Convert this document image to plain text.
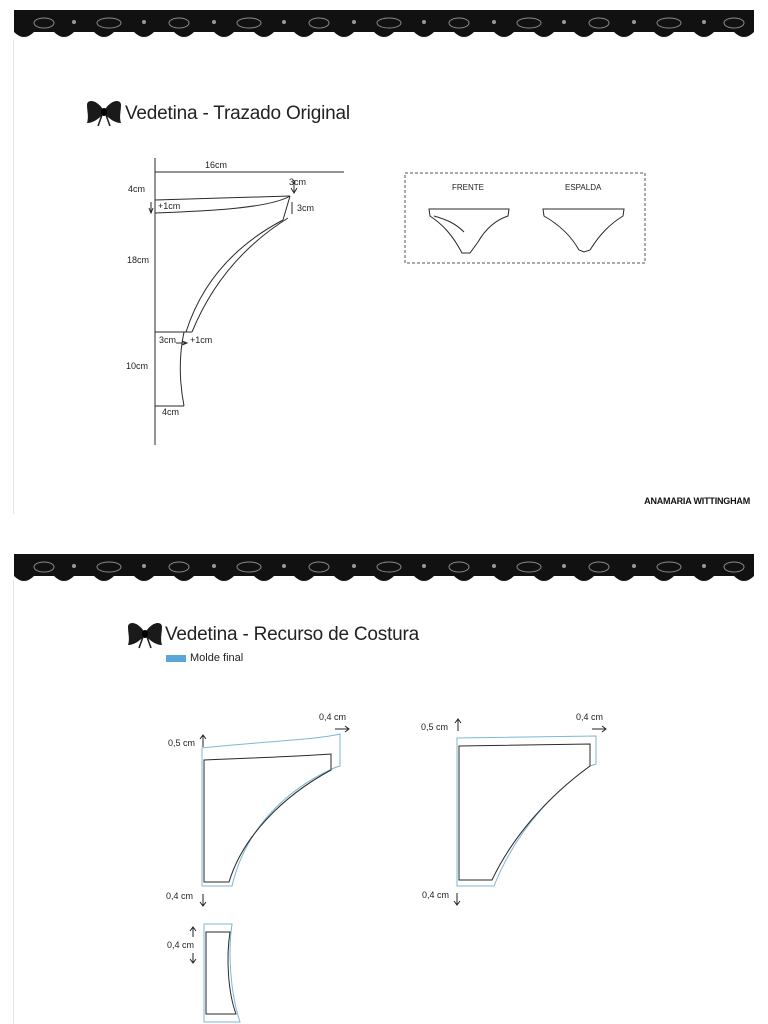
Vedetina - Trazado Original
16cm
4cm
+1cm
3cm
3cm
18cm
3cm +1cm
10cm
4cm
FRENTE	ESPALDA
ANAMARIA WITTINGHAM
Vedetina - Recurso de Costura
Molde final
0,5 cm
0,4 cm
0,4 cm
0,5 cm
0,4 cm
0,4 cm
0,4 cm
